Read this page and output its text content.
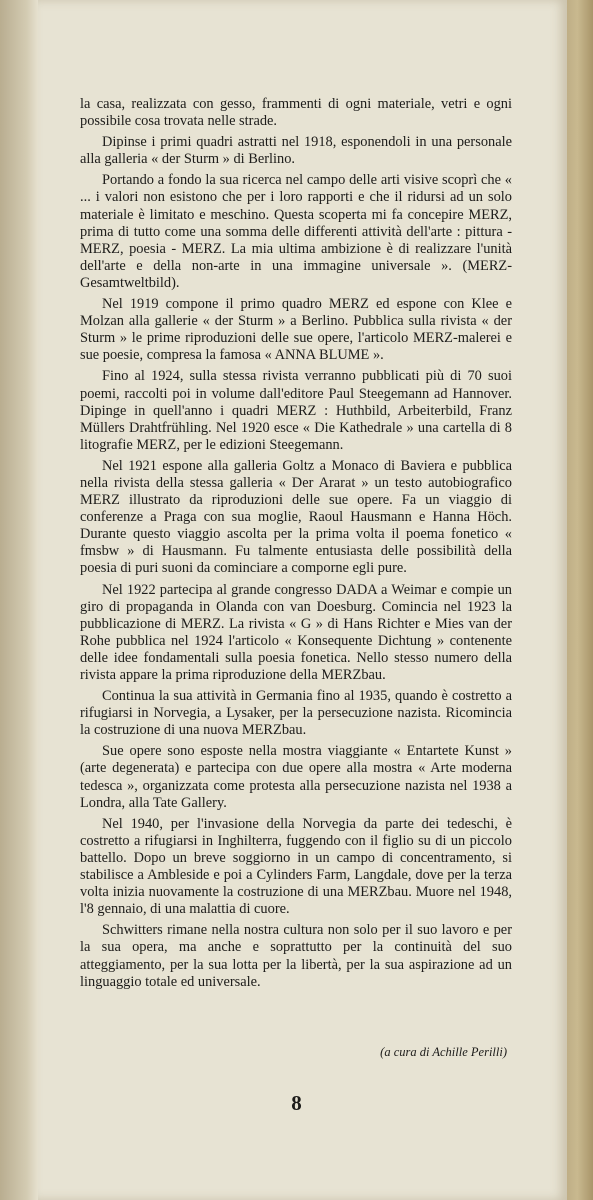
la casa, realizzata con gesso, frammenti di ogni materiale, vetri e ogni possibile cosa trovata nelle strade.

Dipinse i primi quadri astratti nel 1918, esponendoli in una personale alla galleria « der Sturm » di Berlino.

Portando a fondo la sua ricerca nel campo delle arti visive scoprì che « ... i valori non esistono che per i loro rapporti e che il ridursi ad un solo materiale è limitato e meschino. Questa scoperta mi fa concepire MERZ, prima di tutto come una somma delle differenti attività dell'arte : pittura - MERZ, poesia - MERZ. La mia ultima ambizione è di realizzare l'unità dell'arte e della non-arte in una immagine universale ». (MERZ-Gesamtweltbild).

Nel 1919 compone il primo quadro MERZ ed espone con Klee e Molzan alla gallerie « der Sturm » a Berlino. Pubblica sulla rivista « der Sturm » le prime riproduzioni delle sue opere, l'articolo MERZ-malerei e sue poesie, compresa la famosa « ANNA BLUME ».

Fino al 1924, sulla stessa rivista verranno pubblicati più di 70 suoi poemi, raccolti poi in volume dall'editore Paul Steegemann ad Hannover. Dipinge in quell'anno i quadri MERZ : Huthbild, Arbeiterbild, Franz Müllers Drahtfrühling. Nel 1920 esce « Die Kathedrale » una cartella di 8 litografie MERZ, per le edizioni Steegemann.

Nel 1921 espone alla galleria Goltz a Monaco di Baviera e pubblica nella rivista della stessa galleria « Der Ararat » un testo autobiografico MERZ illustrato da riproduzioni delle sue opere. Fa un viaggio di conferenze a Praga con sua moglie, Raoul Hausmann e Hanna Höch. Durante questo viaggio ascolta per la prima volta il poema fonetico « fmsbw » di Hausmann. Fu talmente entusiasta delle possibilità della poesia di puri suoni da cominciare a comporne egli pure.

Nel 1922 partecipa al grande congresso DADA a Weimar e compie un giro di propaganda in Olanda con van Doesburg. Comincia nel 1923 la pubblicazione di MERZ. La rivista « G » di Hans Richter e Mies van der Rohe pubblica nel 1924 l'articolo « Konsequente Dichtung » contenente delle idee fondamentali sulla poesia fonetica. Nello stesso numero della rivista appare la prima riproduzione della MERZbau.

Continua la sua attività in Germania fino al 1935, quando è costretto a rifugiarsi in Norvegia, a Lysaker, per la persecuzione nazista. Ricomincia la costruzione di una nuova MERZbau.

Sue opere sono esposte nella mostra viaggiante « Entartete Kunst » (arte degenerata) e partecipa con due opere alla mostra « Arte moderna tedesca », organizzata come protesta alla persecuzione nazista nel 1938 a Londra, alla Tate Gallery.

Nel 1940, per l'invasione della Norvegia da parte dei tedeschi, è costretto a rifugiarsi in Inghilterra, fuggendo con il figlio su di un piccolo battello. Dopo un breve soggiorno in un campo di concentramento, si stabilisce a Ambleside e poi a Cylinders Farm, Langdale, dove per la terza volta inizia nuovamente la costruzione di una MERZbau. Muore nel 1948, l'8 gennaio, di una malattia di cuore.

Schwitters rimane nella nostra cultura non solo per il suo lavoro e per la sua opera, ma anche e soprattutto per la continuità del suo atteggiamento, per la sua lotta per la libertà, per la sua aspirazione ad un linguaggio totale ed universale.

(a cura di Achille Perilli)
8
